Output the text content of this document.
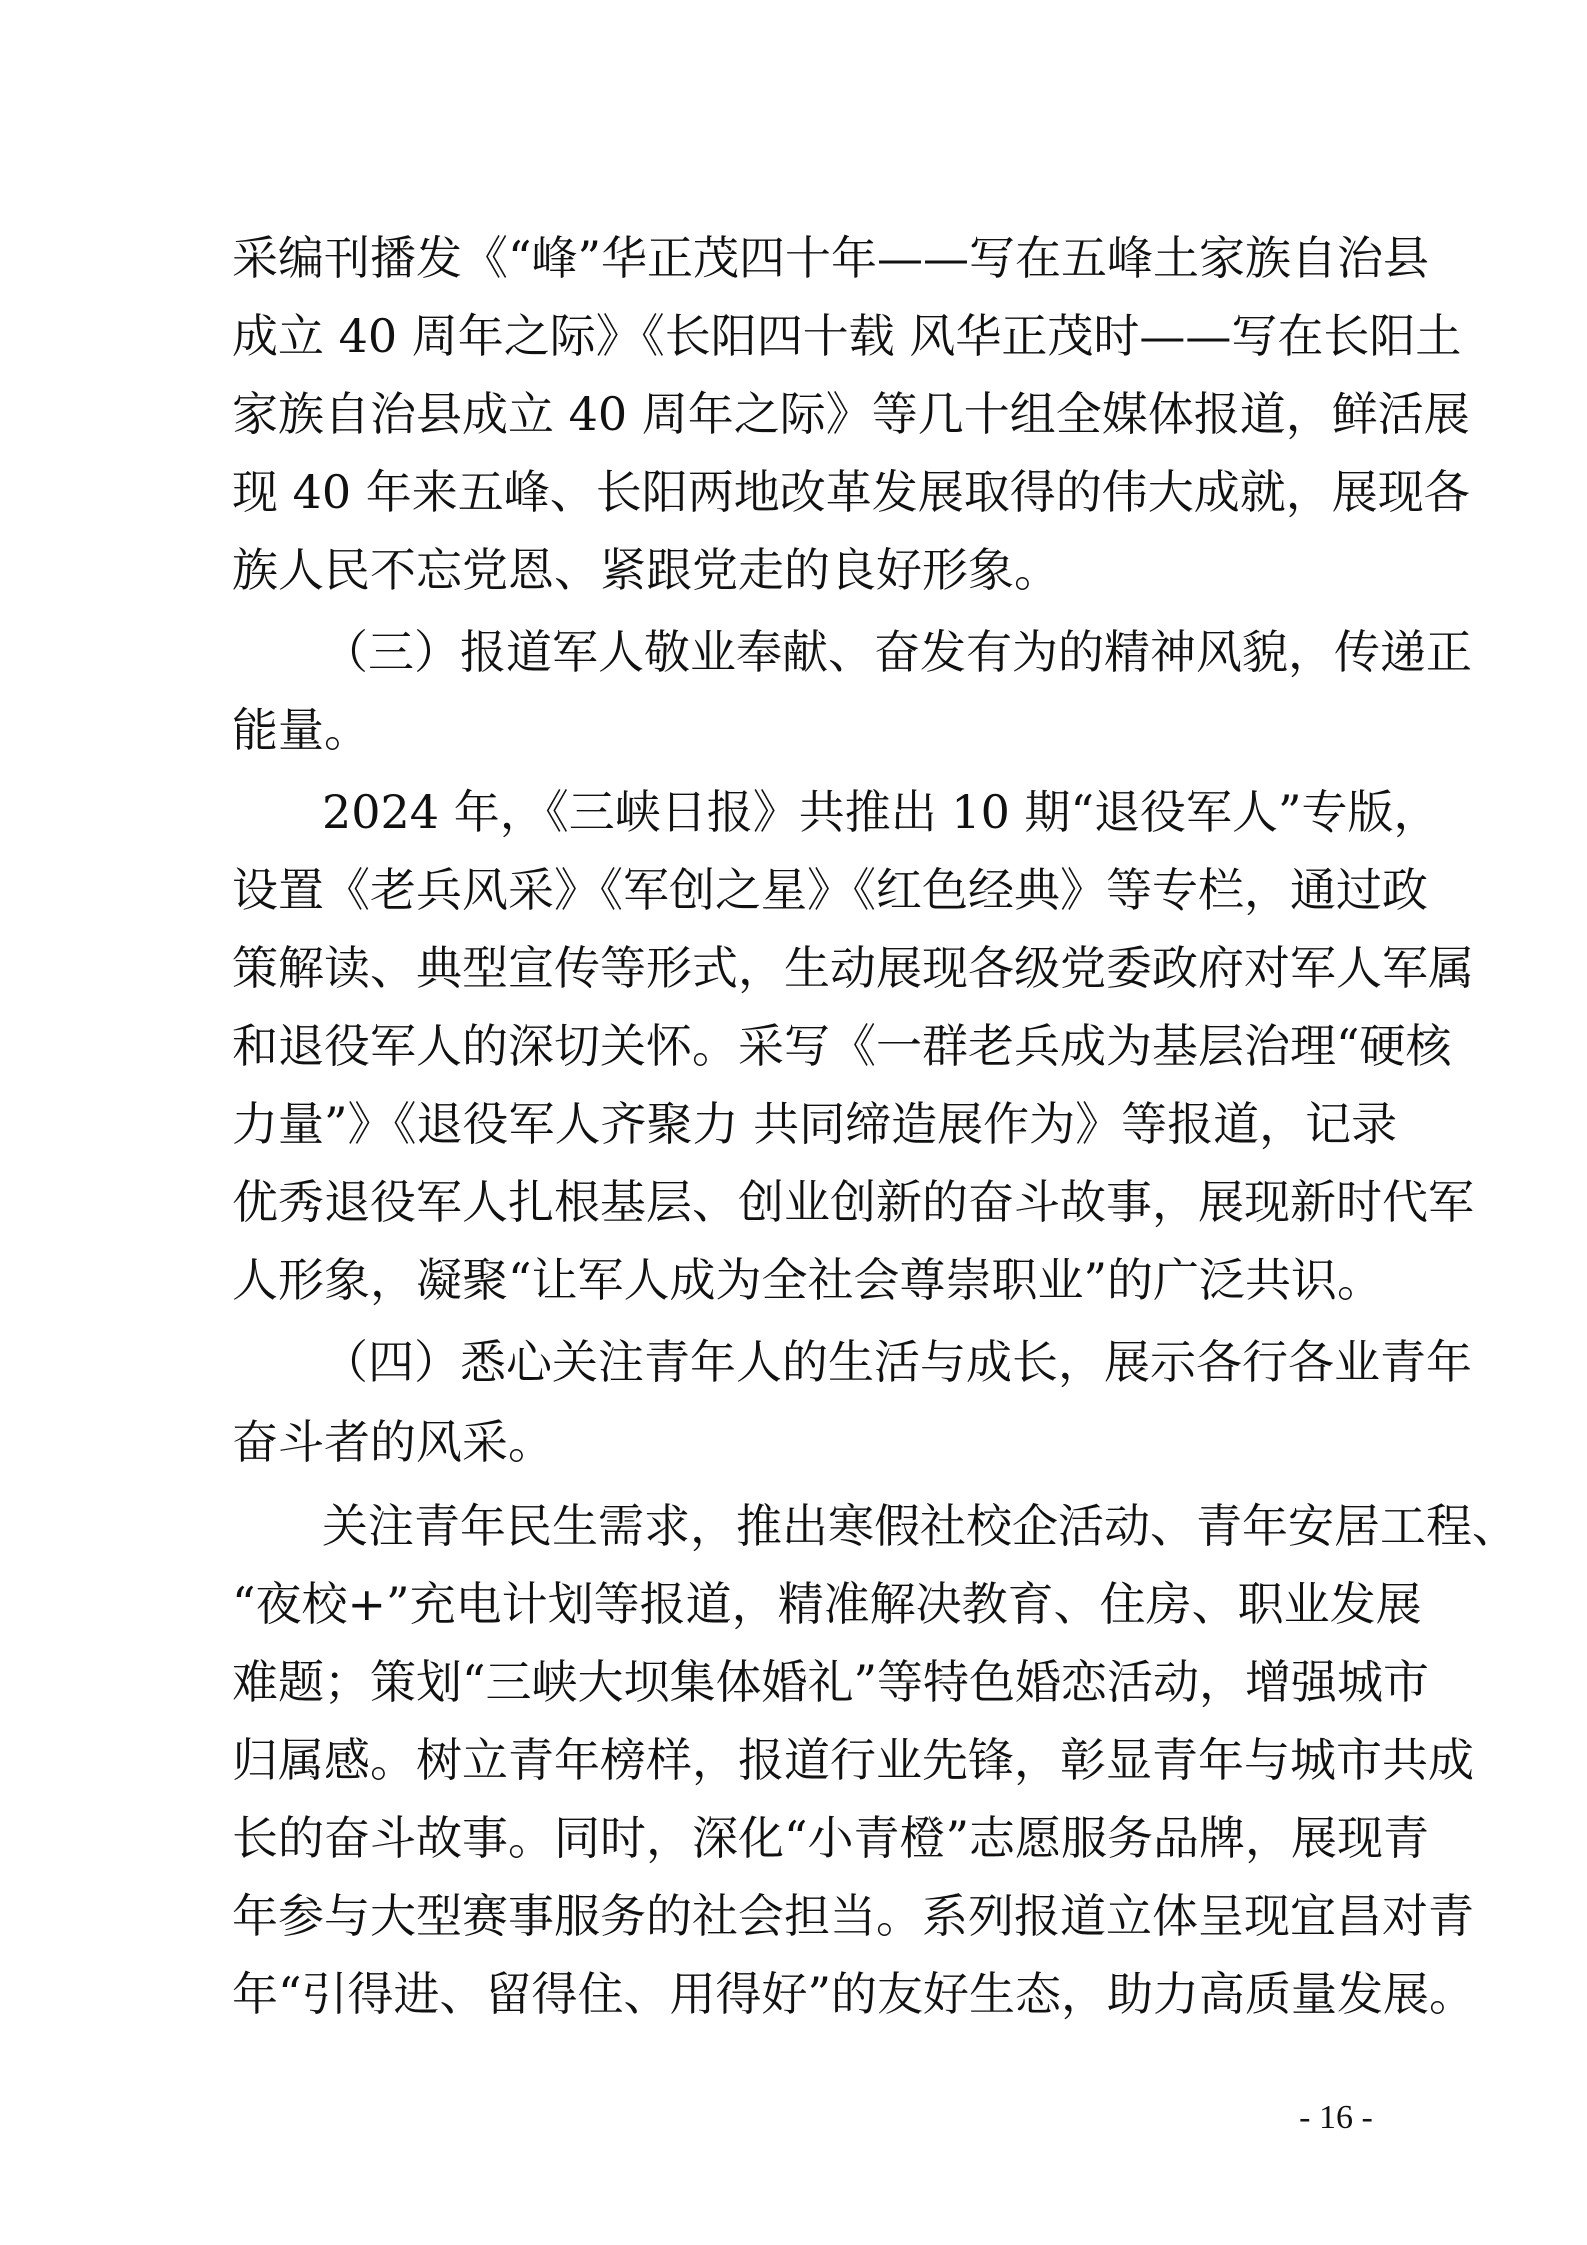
采编刊播发《“峰”华正茂四十年——写在五峰土家族自治县
成立 40 周年之际》《长阳四十载 风华正茂时——写在长阳土
家族自治县成立 40 周年之际》等几十组全媒体报道，鲜活展
现 40 年来五峰、长阳两地改革发展取得的伟大成就，展现各
族人民不忘党恩、紧跟党走的良好形象。
（三）报道军人敬业奉献、奋发有为的精神风貌，传递正
能量。
2024 年，《三峡日报》共推出 10 期“退役军人”专版，
设置《老兵风采》《军创之星》《红色经典》等专栏，通过政
策解读、典型宣传等形式，生动展现各级党委政府对军人军属
和退役军人的深切关怀。采写《一群老兵成为基层治理“硬核
力量”》《退役军人齐聚力 共同缔造展作为》等报道，记录
优秀退役军人扎根基层、创业创新的奋斗故事，展现新时代军
人形象，凝聚“让军人成为全社会尊崇职业”的广泛共识。
（四）悉心关注青年人的生活与成长，展示各行各业青年
奋斗者的风采。
关注青年民生需求，推出寒假社校企活动、青年安居工程、
“夜校+”充电计划等报道，精准解决教育、住房、职业发展
难题；策划“三峡大坝集体婚礼”等特色婚恋活动，增强城市
归属感。树立青年榜样，报道行业先锋，彰显青年与城市共成
长的奋斗故事。同时，深化“小青橙”志愿服务品牌，展现青
年参与大型赛事服务的社会担当。系列报道立体呈现宜昌对青
年“引得进、留得住、用得好”的友好生态，助力高质量发展。
- 16 -
